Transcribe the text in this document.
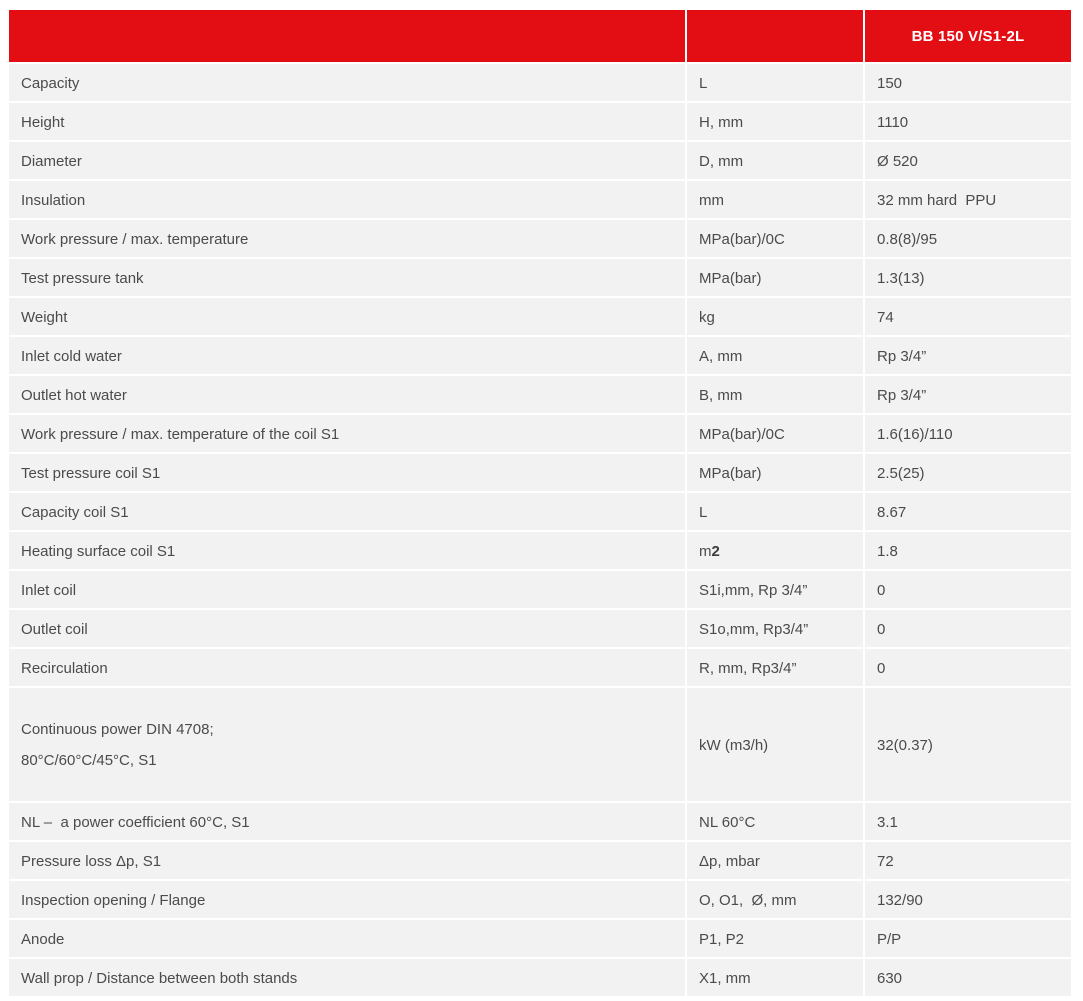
		BB 150 V/S1-2L

Capacity	L	150

Height	H, mm	1110

Diameter	D, mm	Ø 520

Insulation	mm	32 mm hard  PPU

Work pressure / max. temperature	MPa(bar)/0C	0.8(8)/95

Test pressure tank	MPa(bar)	1.3(13)

Weight	kg	74

Inlet cold water	A, mm	Rp 3/4”

Outlet hot water	B, mm	Rp 3/4”

Work pressure / max. temperature of the coil S1	MPa(bar)/0C	1.6(16)/110

Test pressure coil S1	MPa(bar)	2.5(25)

Capacity coil S1	L	8.67

Heating surface coil S1	m2	1.8

Inlet coil	S1i,mm, Rp 3/4”	0

Outlet coil	S1o,mm, Rp3/4”	0

Recirculation	R, mm, Rp3/4”	0

Continuous power DIN 4708;
80°C/60°C/45°C, S1	kW (m3/h)	32(0.37)

NL –  a power coefficient 60°C, S1	NL 60°C	3.1

Pressure loss Δp, S1	Δp, mbar	72

Inspection opening / Flange	O, O1,  Ø, mm	132/90

Anode	P1, P2	P/P

Wall prop / Distance between both stands	X1, mm	630
